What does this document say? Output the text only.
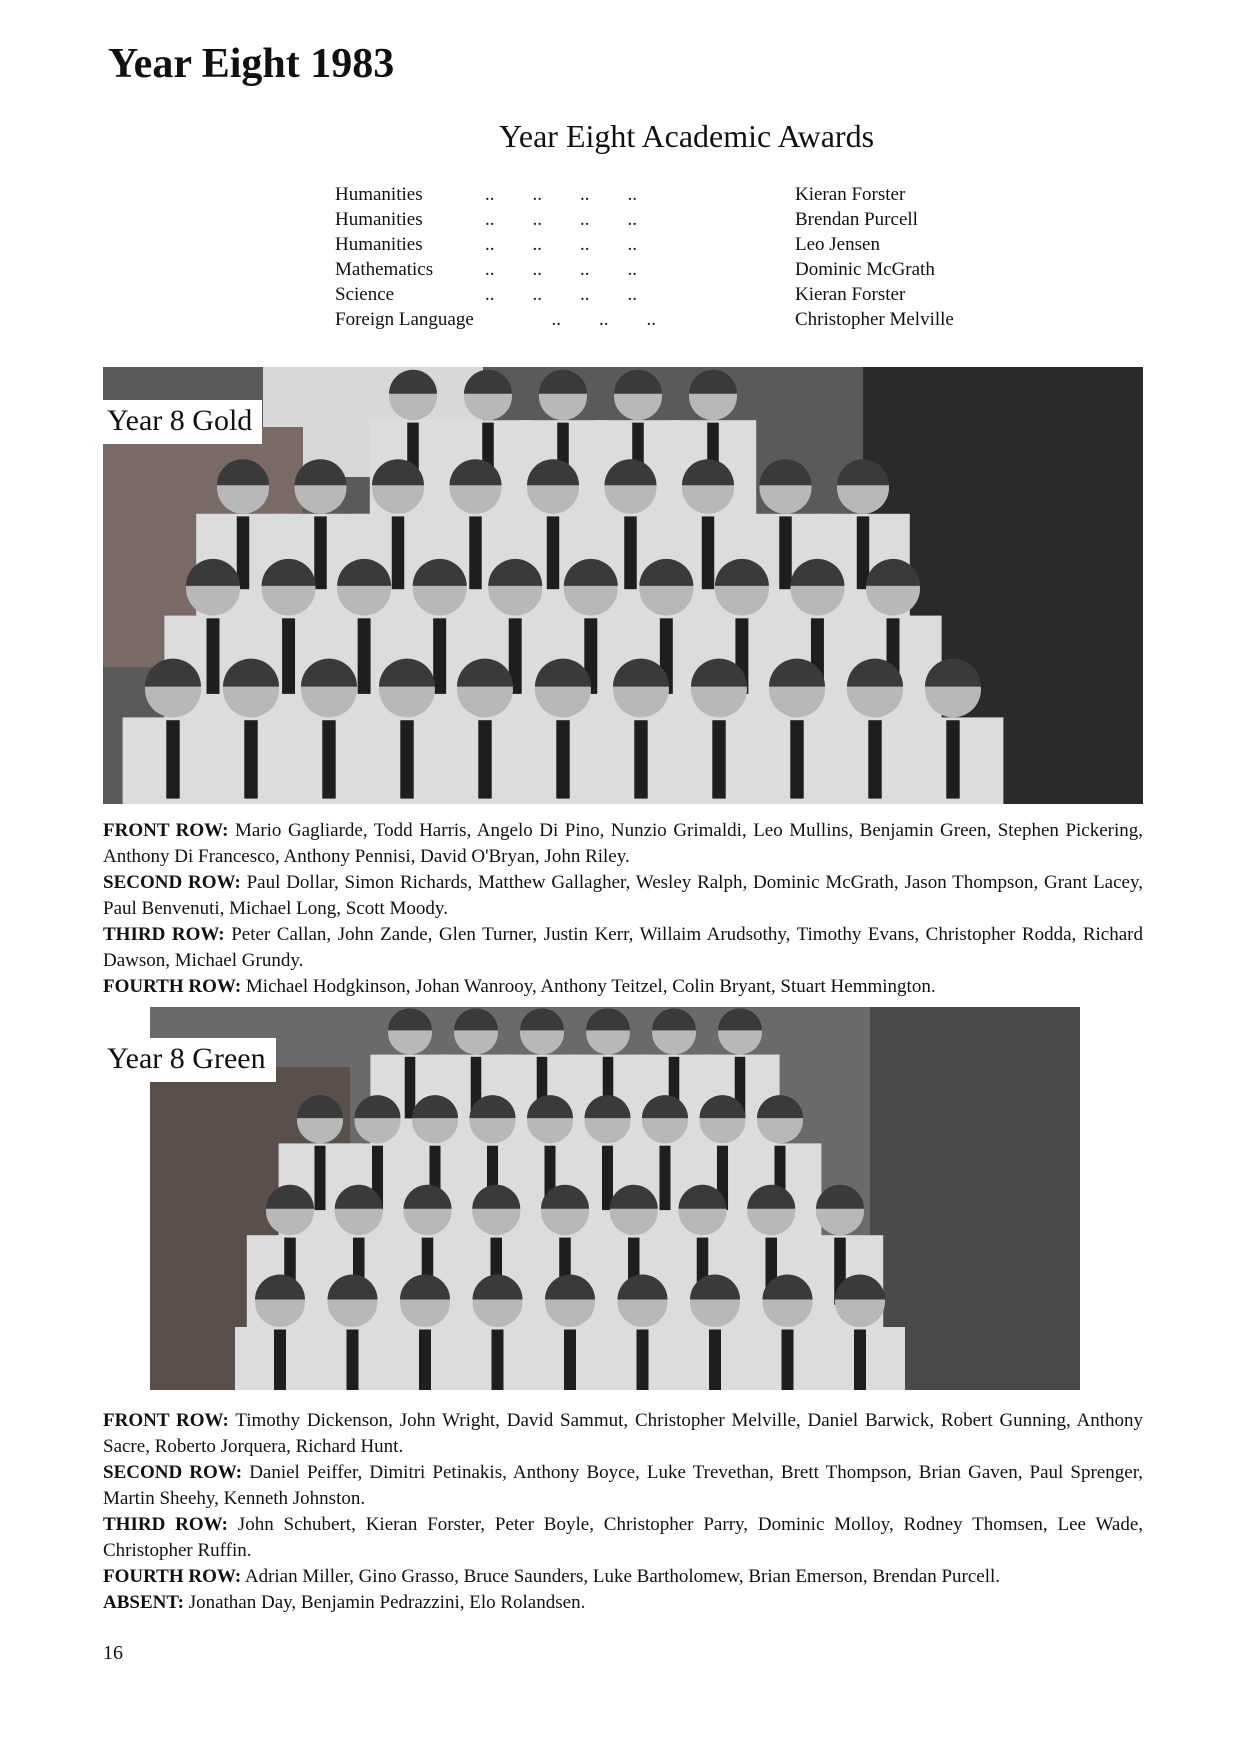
Year Eight 1983
Year Eight Academic Awards
Humanities	..        ..        ..        ..	Kieran Forster
Humanities	..        ..        ..        ..	Brendan Purcell
Humanities	..        ..        ..        ..	Leo Jensen
Mathematics	..        ..        ..        ..	Dominic McGrath
Science	..        ..        ..        ..	Kieran Forster
Foreign Language	..        ..        ..	Christopher Melville
Year 8 Gold

FRONT ROW: Mario Gagliarde, Todd Harris, Angelo Di Pino, Nunzio Grimaldi, Leo Mullins, Benjamin Green, Stephen Pickering, Anthony Di Francesco, Anthony Pennisi, David O'Bryan, John Riley.

SECOND ROW: Paul Dollar, Simon Richards, Matthew Gallagher, Wesley Ralph, Dominic McGrath, Jason Thompson, Grant Lacey, Paul Benvenuti, Michael Long, Scott Moody.

THIRD ROW: Peter Callan, John Zande, Glen Turner, Justin Kerr, Willaim Arudsothy, Timothy Evans, Christopher Rodda, Richard Dawson, Michael Grundy.

FOURTH ROW: Michael Hodgkinson, Johan Wanrooy, Anthony Teitzel, Colin Bryant, Stuart Hemmington.

Year 8 Green

FRONT ROW: Timothy Dickenson, John Wright, David Sammut, Christopher Melville, Daniel Barwick, Robert Gunning, Anthony Sacre, Roberto Jorquera, Richard Hunt.

SECOND ROW: Daniel Peiffer, Dimitri Petinakis, Anthony Boyce, Luke Trevethan, Brett Thompson, Brian Gaven, Paul Sprenger, Martin Sheehy, Kenneth Johnston.

THIRD ROW: John Schubert, Kieran Forster, Peter Boyle, Christopher Parry, Dominic Molloy, Rodney Thomsen, Lee Wade, Christopher Ruffin.

FOURTH ROW: Adrian Miller, Gino Grasso, Bruce Saunders, Luke Bartholomew, Brian Emerson, Brendan Purcell.

ABSENT: Jonathan Day, Benjamin Pedrazzini, Elo Rolandsen.

16
